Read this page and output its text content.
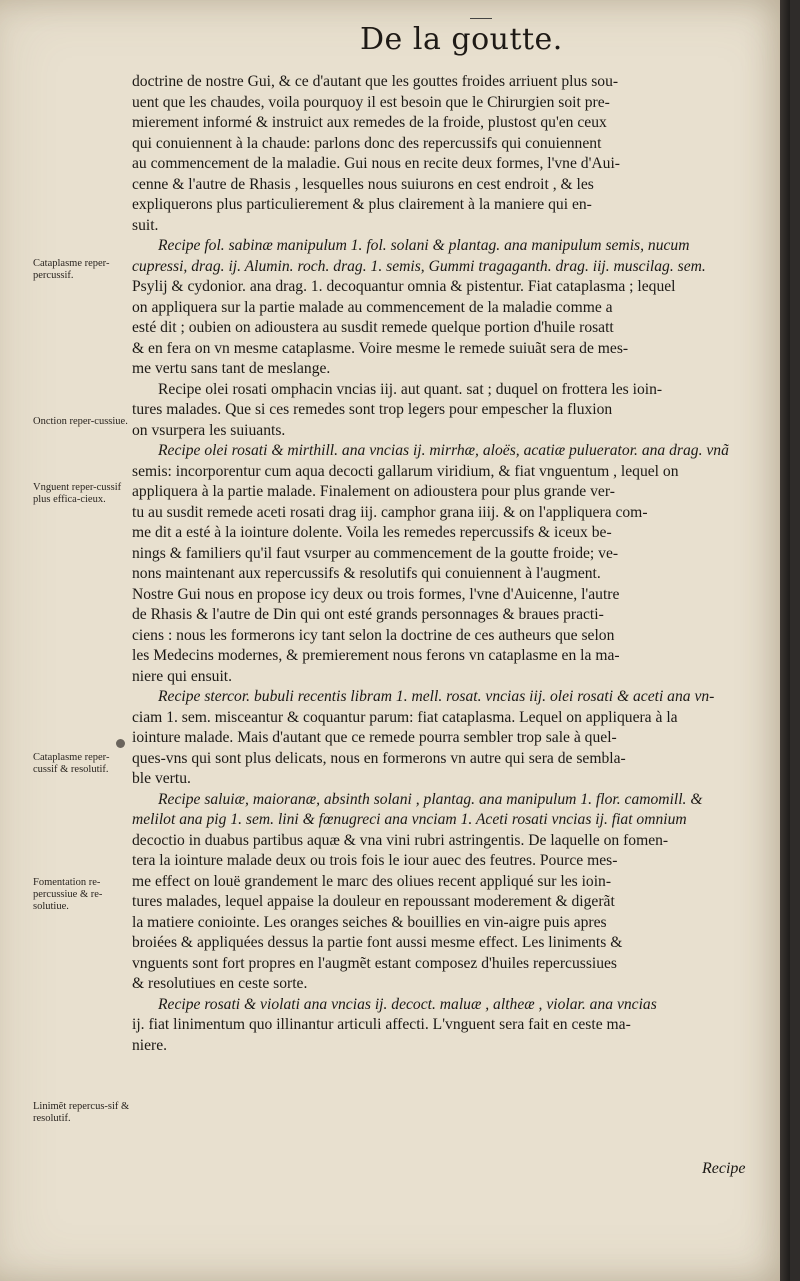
De la goutte.
Cataplasme reper-percussif.
Onction reper-cussiue.
Vnguent reper-cussif plus effica-cieux.
Cataplasme reper-cussif & resolutif.
Fomentation re-percussiue & re-solutiue.
Linimẽt repercus-sif & resolutif.
doctrine de nostre Gui, & ce d'autant que les gouttes froides arriuent plus sou-
uent que les chaudes, voila pourquoy il est besoin que le Chirurgien soit pre-
mierement informé & instruict aux remedes de la froide, plustost qu'en ceux
qui conuiennent à la chaude: parlons donc des repercussifs qui conuiennent
au commencement de la maladie. Gui nous en recite deux formes, l'vne d'Aui-
cenne & l'autre de Rhasis , lesquelles nous suiurons en cest endroit , & les
expliquerons plus particulierement & plus clairement à la maniere qui en-
suit.
Recipe fol. sabinæ manipulum 1. fol. solani & plantag. ana manipulum semis, nucum
cupressi, drag. ij. Alumin. roch. drag. 1. semis, Gummi tragaganth. drag. iij. muscilag. sem.
Psylij & cydonior. ana drag. 1. decoquantur omnia & pistentur. Fiat cataplasma ; lequel
on appliquera sur la partie malade au commencement de la maladie comme a
esté dit ; oubien on adioustera au susdit remede quelque portion d'huile rosatt
& en fera on vn mesme cataplasme. Voire mesme le remede suiuãt sera de mes-
me vertu sans tant de meslange.
Recipe olei rosati omphacin vncias iij. aut quant. sat ; duquel on frottera les ioin-
tures malades. Que si ces remedes sont trop legers pour empescher la fluxion
on vsurpera les suiuants.
Recipe olei rosati & mirthill. ana vncias ij. mirrhæ, aloës, acatiæ puluerator. ana drag. vnã
semis: incorporentur cum aqua decocti gallarum viridium, & fiat vnguentum , lequel on
appliquera à la partie malade. Finalement on adioustera pour plus grande ver-
tu au susdit remede aceti rosati drag iij. camphor grana iiij. & on l'appliquera com-
me dit a esté à la iointure dolente. Voila les remedes repercussifs & iceux be-
nings & familiers qu'il faut vsurper au commencement de la goutte froide; ve-
nons maintenant aux repercussifs & resolutifs qui conuiennent à l'augment.
Nostre Gui nous en propose icy deux ou trois formes, l'vne d'Auicenne, l'autre
de Rhasis & l'autre de Din qui ont esté grands personnages & braues practi-
ciens : nous les formerons icy tant selon la doctrine de ces autheurs que selon
les Medecins modernes, & premierement nous ferons vn cataplasme en la ma-
niere qui ensuit.
Recipe stercor. bubuli recentis libram 1. mell. rosat. vncias iij. olei rosati & aceti ana vn-
ciam 1. sem. misceantur & coquantur parum: fiat cataplasma. Lequel on appliquera à la
iointure malade. Mais d'autant que ce remede pourra sembler trop sale à quel-
ques-vns qui sont plus delicats, nous en formerons vn autre qui sera de sembla-
ble vertu.
Recipe saluiæ, maioranæ, absinth solani , plantag. ana manipulum 1. flor. camomill. &
melilot ana pig 1. sem. lini & fœnugreci ana vnciam 1. Aceti rosati vncias ij. fiat omnium
decoctio in duabus partibus aquæ & vna vini rubri astringentis. De laquelle on fomen-
tera la iointure malade deux ou trois fois le iour auec des feutres. Pource mes-
me effect on louë grandement le marc des oliues recent appliqué sur les ioin-
tures malades, lequel appaise la douleur en repoussant moderement & digerãt
la matiere coniointe. Les oranges seiches & bouillies en vin-aigre puis apres
broiées & appliquées dessus la partie font aussi mesme effect. Les liniments &
vnguents sont fort propres en l'augmẽt estant composez d'huiles repercussiues
& resolutiues en ceste sorte.
Recipe rosati & violati ana vncias ij. decoct. maluæ , altheæ , violar. ana vncias
ij. fiat linimentum quo illinantur articuli affecti. L'vnguent sera fait en ceste ma-
niere.
Recipe
